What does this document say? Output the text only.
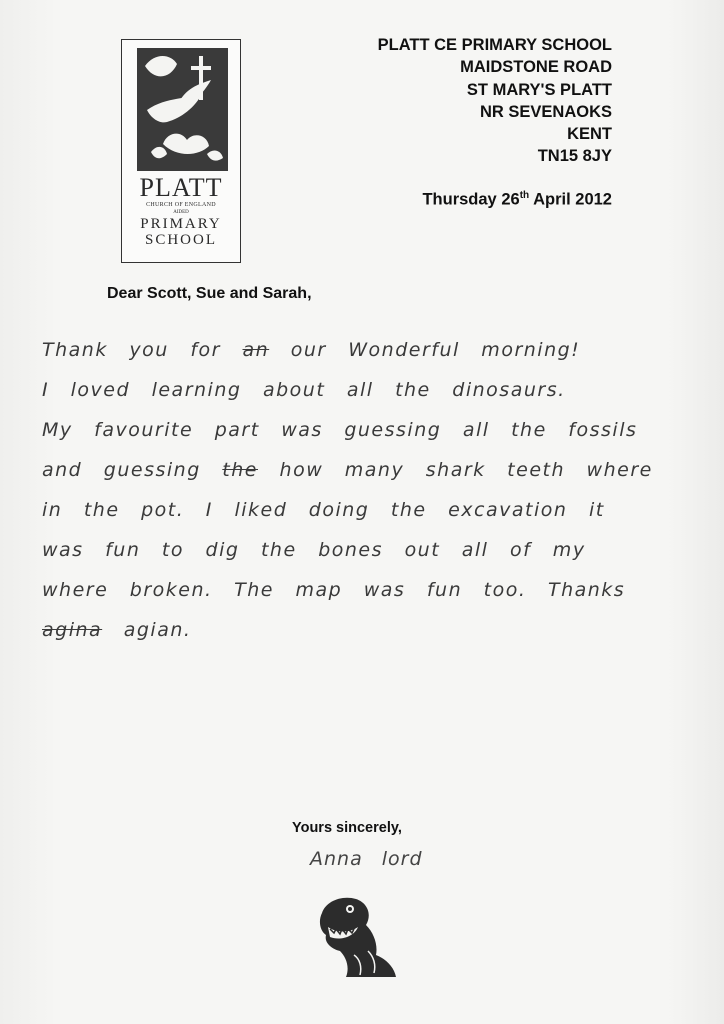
PLATT
CHURCH OF ENGLAND
AIDED
PRIMARY
SCHOOL
PLATT CE PRIMARY SCHOOL
MAIDSTONE ROAD
ST MARY'S PLATT
NR SEVENAOKS
KENT
TN15 8JY
Thursday 26th April 2012
Dear Scott, Sue and Sarah,
Thank you for an our Wonderful morning!
I loved learning about all the dinosaurs.
My favourite part was guessing all the fossils
and guessing the how many shark teeth where
in the pot. I liked doing the excavation it
was fun to dig the bones out all of my
where broken. The map was fun too. Thanks
agina agian.
Yours sincerely,
Anna lord
